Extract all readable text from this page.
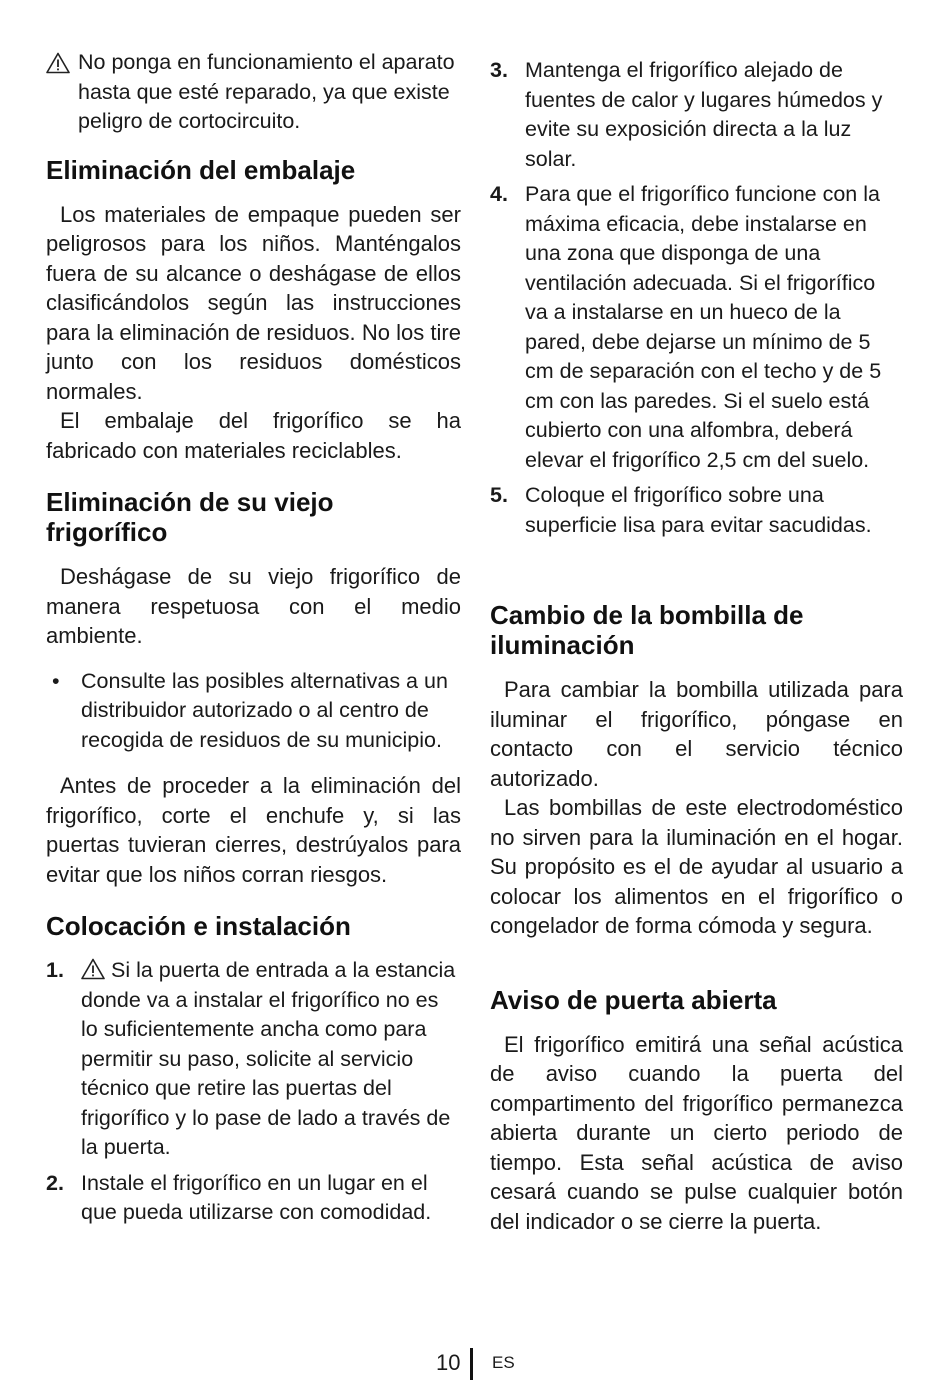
No ponga en funcionamiento el aparato hasta que esté reparado, ya que existe peligro de cortocircuito.
Eliminación del embalaje

Los materiales de empaque pueden ser peligrosos para los niños. Manténgalos fuera de su alcance o deshágase de ellos clasificándolos según las instrucciones para la eliminación de residuos. No los tire junto con los residuos domésticos normales.

El embalaje del frigorífico se ha fabricado con materiales reciclables.

Eliminación de su viejo frigorífico

Deshágase de su viejo frigorífico de manera respetuosa con el medio ambiente.

• Consulte las posibles alternativas a un distribuidor autorizado o al centro de recogida de residuos de su municipio.

Antes de proceder a la eliminación del frigorífico, corte el enchufe y, si las puertas tuvieran cierres, destrúyalos para evitar que los niños corran riesgos.

Colocación e instalación
1.	Si la puerta de entrada a la estancia donde va a instalar el frigorífico no es lo suficientemente ancha como para permitir su paso, solicite al servicio técnico que retire las puertas del frigorífico y lo pase de lado a través de la puerta.
2. Instale el frigorífico en un lugar en el que pueda utilizarse con comodidad.
3. Mantenga el frigorífico alejado de fuentes de calor y lugares húmedos y evite su exposición directa a la luz solar.
4. Para que el frigorífico funcione con la máxima eficacia, debe instalarse en una zona que disponga de una ventilación adecuada. Si el frigorífico va a instalarse en un hueco de la pared, debe dejarse un mínimo de 5 cm de separación con el techo y de 5 cm con las paredes. Si el suelo está cubierto con una alfombra, deberá elevar el frigorífico 2,5 cm del suelo.
5. Coloque el frigorífico sobre una superficie lisa para evitar sacudidas.
Cambio de la bombilla de iluminación

Para cambiar la bombilla utilizada para iluminar el frigorífico, póngase en contacto con el servicio técnico autorizado.

Las bombillas de este electrodoméstico no sirven para la iluminación en el hogar. Su propósito es el de ayudar al usuario a colocar los alimentos en el frigorífico o congelador de forma cómoda y segura.

Aviso de puerta abierta

El frigorífico emitirá una señal acústica de aviso cuando la puerta del compartimento del frigorífico permanezca abierta durante un cierto periodo de tiempo. Esta señal acústica de aviso cesará cuando se pulse cualquier botón del indicador o se cierre la puerta.

10 ES
